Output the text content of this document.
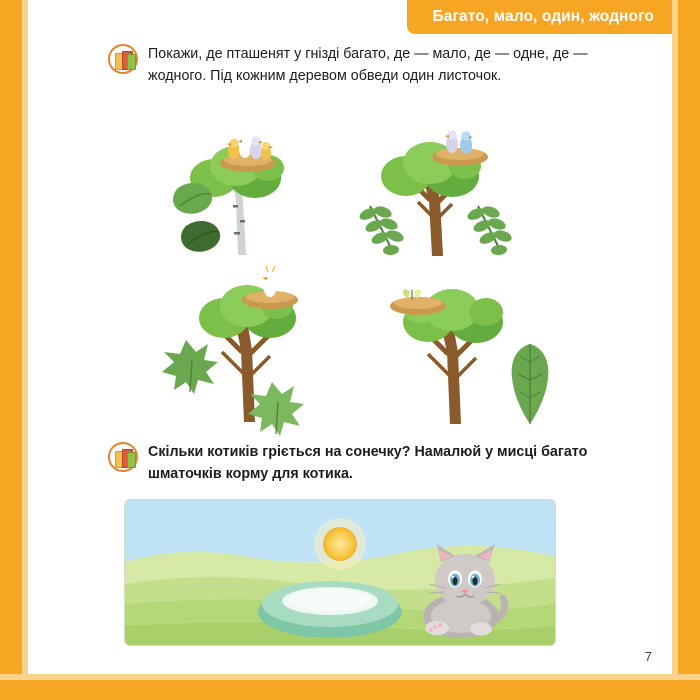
Багато, мало, один, жодного
Покажи, де пташенят у гнізді багато, де — мало, де — одне, де — жодного. Під кожним деревом обведи один листочок.
Скільки котиків гріється на сонечку? Намалюй у мисці багато шматочків корму для котика.
7
